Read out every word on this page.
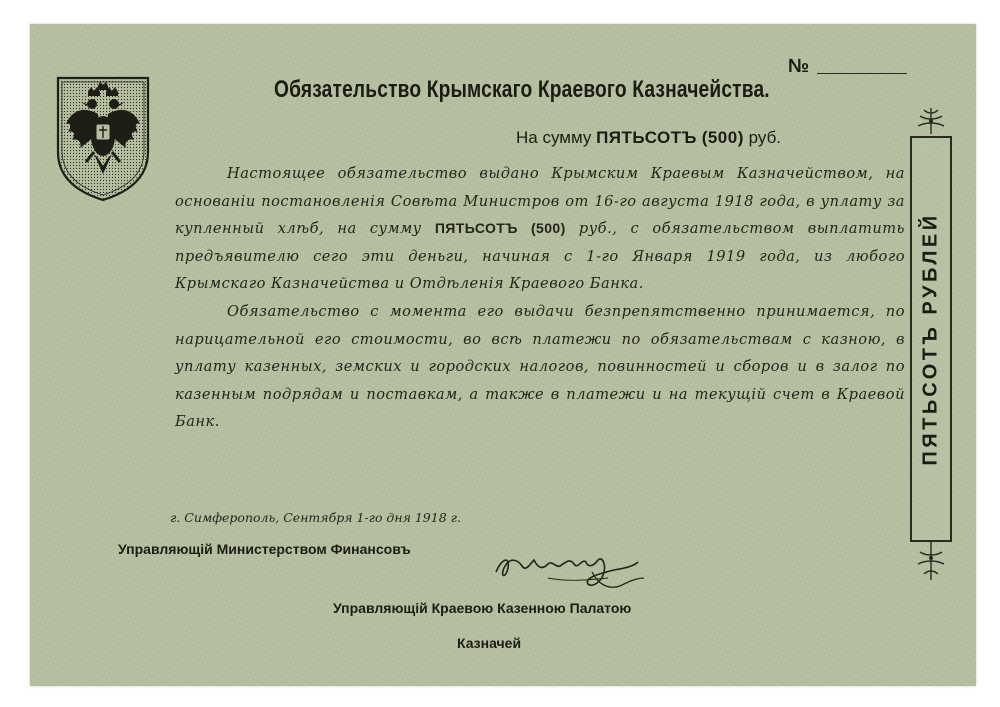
№
Обязательство Крымскаго Краевого Казначейства.
На сумму ПЯТЬСОТЪ (500) руб.

Настоящее обязательство выдано Крымским Краевым Казначейством, на основаніи постановленія Совѣта Министров от 16-го августа 1918 года, в уплату за купленный хлѣб, на сумму ПЯТЬСОТЪ (500) руб., с обязательством выплатить предъявителю сего эти деньги, начиная с 1-го Января 1919 года, из любого Крымскаго Казначейства и Отдѣленія Краевого Банка.

Обязательство с момента его выдачи безпрепятственно принимается, по нарицательной его стоимости, во всѣ платежи по обязательствам с казною, в уплату казенных, земских и городских налогов, повинностей и сборов и в залог по казенным подрядам и поставкам, а также в платежи и на текущій счет в Краевой Банк.

г. Симферополь, Сентября 1-го дня 1918 г.
Управляющій Министерством Финансовъ
Управляющій Краевою Казенною Палатою
Казначей
ПЯТЬСОТЪ РУБЛЕЙ
